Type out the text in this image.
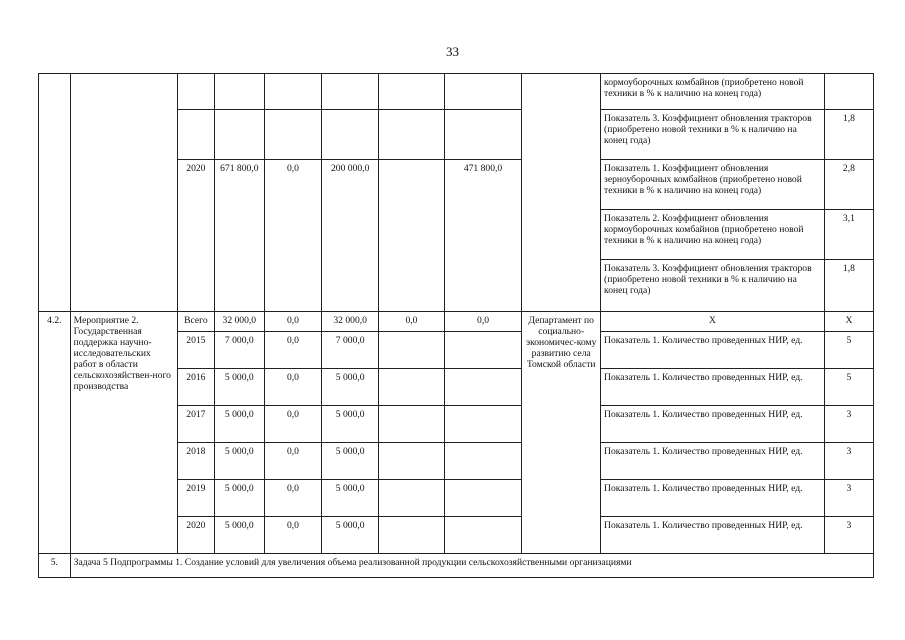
33
									кормоуборочных комбайнов (приобретено новой техники в % к наличию на конец года)	
									Показатель 3. Коэффициент обновления тракторов (приобретено новой техники в % к наличию на конец года)	1,8
		2020	671 800,0	0,0	200 000,0		471 800,0		Показатель 1. Коэффициент обновления зерноуборочных комбайнов (приобретено новой техники в % к наличию на конец года)	2,8
									Показатель 2. Коэффициент обновления кормоуборочных комбайнов (приобретено новой техники в % к наличию на конец года)	3,1
									Показатель 3. Коэффициент обновления тракторов (приобретено новой техники в % к наличию на конец года)	1,8
4.2.	Мероприятие 2. Государственная поддержка научно-исследовательских работ в области сельскохозяйствен-ного производства	Всего	32 000,0	0,0	32 000,0	0,0	0,0	Департамент по социально-экономичес-кому развитию села Томской области	Х	Х
		2015	7 000,0	0,0	7 000,0				Показатель 1. Количество проведенных НИР, ед.	5
		2016	5 000,0	0,0	5 000,0				Показатель 1. Количество проведенных НИР, ед.	5
		2017	5 000,0	0,0	5 000,0				Показатель 1. Количество проведенных НИР, ед.	3
		2018	5 000,0	0,0	5 000,0				Показатель 1. Количество проведенных НИР, ед.	3
		2019	5 000,0	0,0	5 000,0				Показатель 1. Количество проведенных НИР, ед.	3
		2020	5 000,0	0,0	5 000,0				Показатель 1. Количество проведенных НИР, ед.	3
5.	Задача 5 Подпрограммы 1. Создание условий для увеличения объема реализованной продукции сельскохозяйственными организациями									
